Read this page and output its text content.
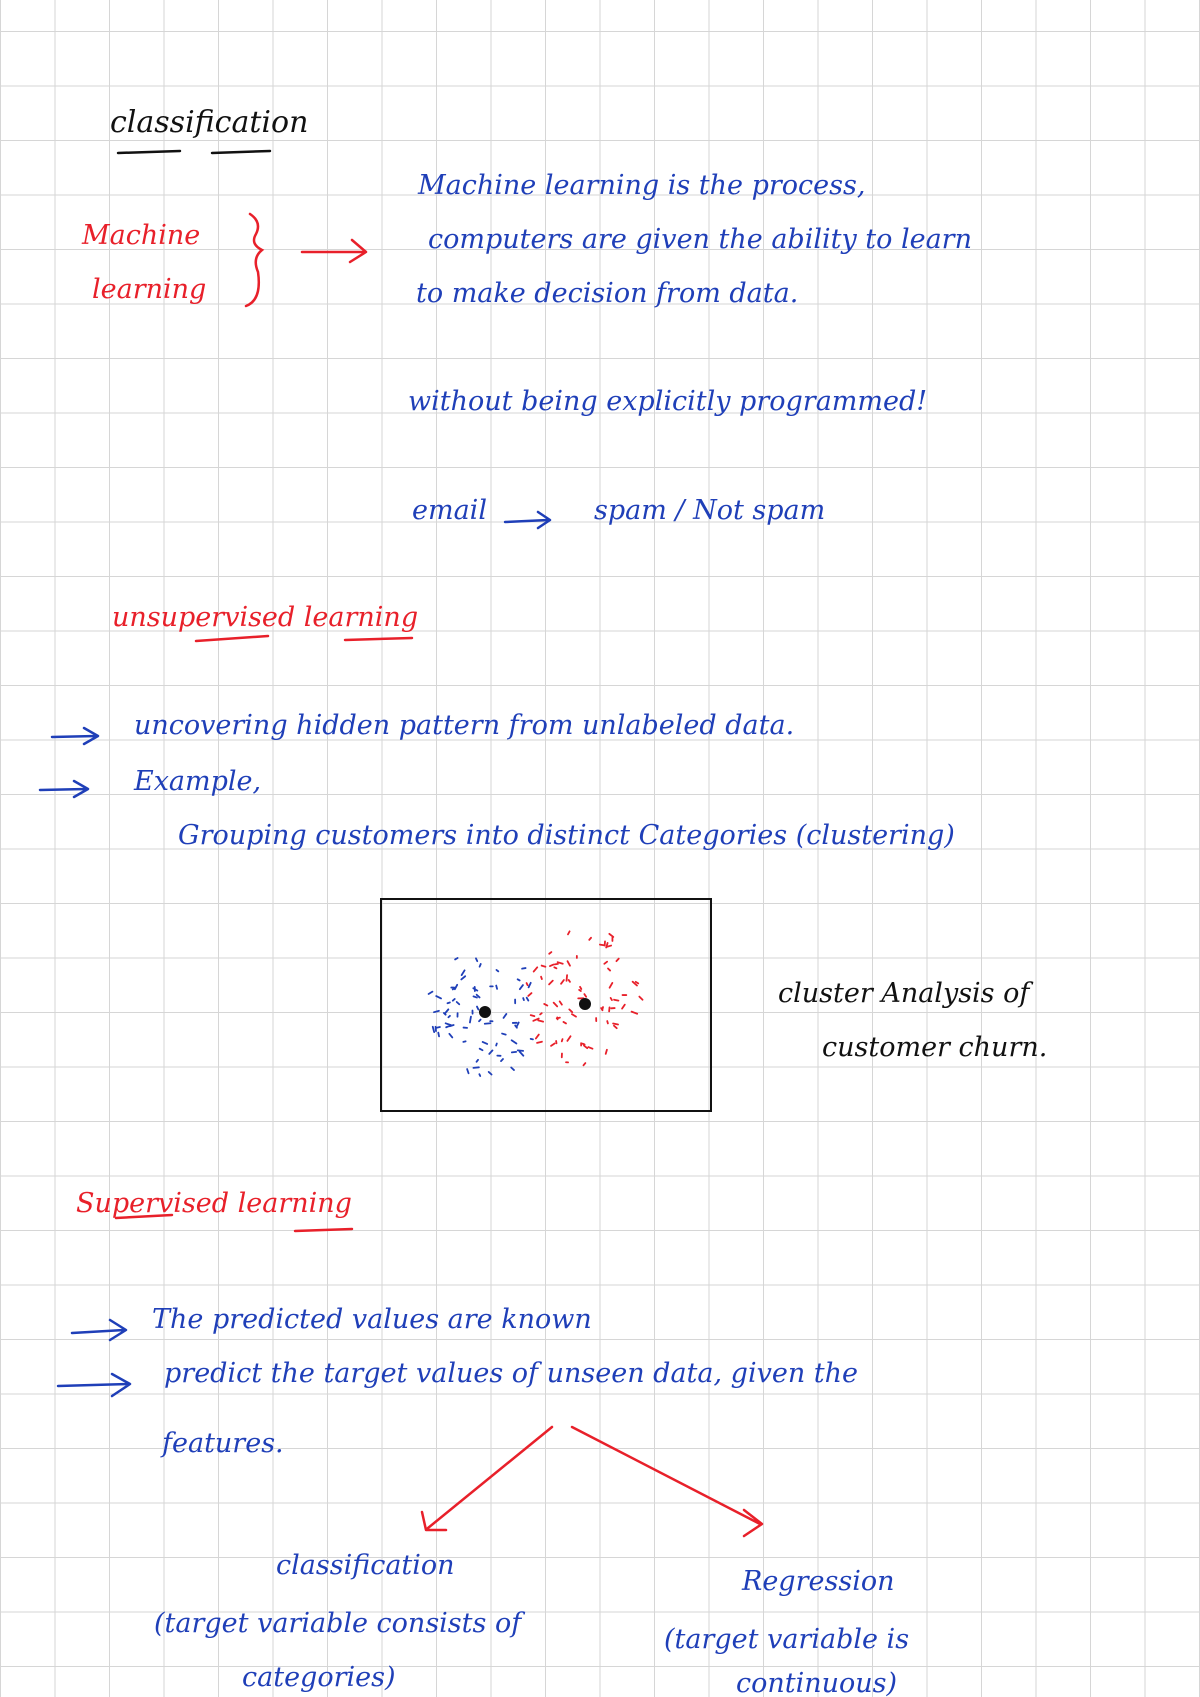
classification
Machine
learning
Machine learning is the process,
computers are given the ability to learn
to make decision from data.
without being explicitly programmed!
email	spam / Not spam
unsupervised learning
uncovering hidden pattern from unlabeled data.
Example,
Grouping customers into distinct Categories (clustering)
cluster Analysis of
customer churn.
Supervised learning
The predicted values are known
predict the target values of unseen data, given the
features.
classification
(target variable consists of
categories)
Regression
(target variable is
continuous)
